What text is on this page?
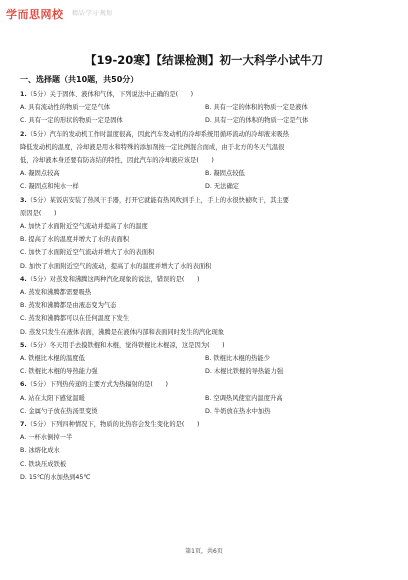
学而思网校 精品·学习·规划
【19-20寒】【结课检测】初一大科学小试牛刀
一、选择题（共10题，共50分）
1.（5分）关于固体、液体和气体，下列说法中正确的是(　　)
A. 具有流动性的物质一定是气体	B. 具有一定的体积的物质一定是液体
C. 具有一定的形状的物质一定是固体	D. 具有一定的体积的物质一定是气体
2.（5分）汽车的发动机工作时温度很高，因此汽车发动机的冷却系统用循环流动的冷却液来吸热
降低发动机的温度，冷却液是用水和特殊的添加剂按一定比例混合而成，由于北方的冬天气温很
低，冷却液本身还要有防冻结的特性，因此汽车的冷却液应该是(　　)
A. 凝固点较高	B. 凝固点较低
C. 凝固点和纯水一样	D. 无法确定
3.（5分）某饭店安装了热风干手器，打开它就能有热风吹到手上，手上的水很快被吹干，其主要
原因是(　　)
A. 加快了水面附近空气流动并提高了水的温度
B. 提高了水的温度并增大了水的表面积
C. 加快了水面附近空气流动并增大了水的表面积
D. 加快了水面附近空气的流动，提高了水的温度并增大了水的表面积
4.（5分）对蒸发和沸腾这两种汽化现象的说法，错误的是(　　)
A. 蒸发和沸腾都需要吸热
B. 蒸发和沸腾都是由液态变为气态
C. 蒸发和沸腾都可以在任何温度下发生
D. 蒸发只发生在液体表面，沸腾是在液体内部和表面同时发生的汽化现象
5.（5分）冬天用手去摸铁棍和木棍，觉得铁棍比木棍凉，这是因为(　　)
A. 铁棍比木棍的温度低	B. 铁棍比木棍的热能少
C. 铁棍比木棍的导热能力强	D. 木棍比铁棍的导热能力强
6.（5分）下列热传递的主要方式为热辐射的是(　　)
A. 站在太阳下感觉温暖	B. 空调热风使室内温度升高
C. 金属勺子放在热汤里变烫	D. 牛奶放在热水中加热
7.（5分）下列四种情况下，物质的比热容会发生变化的是(　　)
A. 一杯水倒掉一半
B. 冰熔化成水
C. 铁块压成铁板
D. 15℃的水加热到45℃
第1页，共6页
